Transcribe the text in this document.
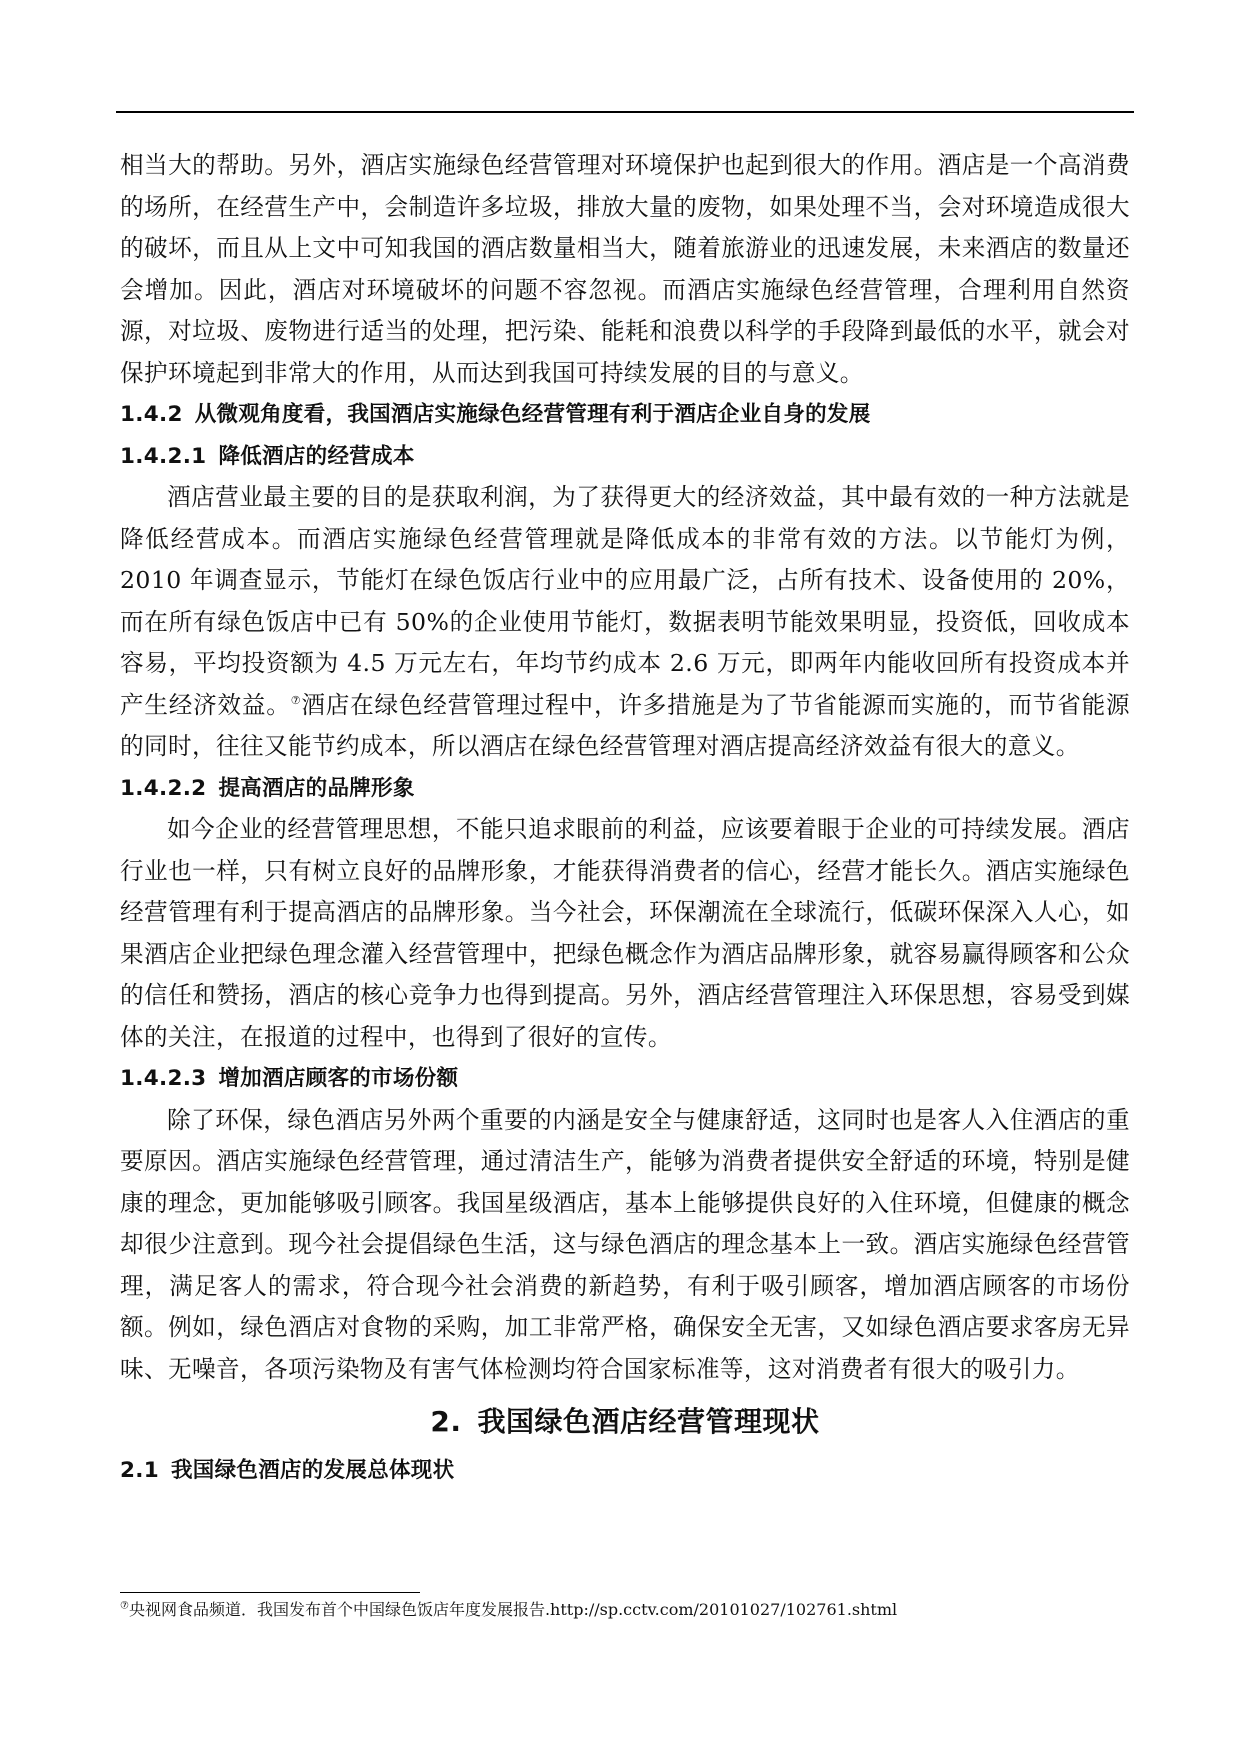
相当大的帮助。另外，酒店实施绿色经营管理对环境保护也起到很大的作用。酒店是一个高消费的场所，在经营生产中，会制造许多垃圾，排放大量的废物，如果处理不当，会对环境造成很大的破坏，而且从上文中可知我国的酒店数量相当大，随着旅游业的迅速发展，未来酒店的数量还会增加。因此，酒店对环境破坏的问题不容忽视。而酒店实施绿色经营管理，合理利用自然资源，对垃圾、废物进行适当的处理，把污染、能耗和浪费以科学的手段降到最低的水平，就会对保护环境起到非常大的作用，从而达到我国可持续发展的目的与意义。

1.4.2 从微观角度看，我国酒店实施绿色经营管理有利于酒店企业自身的发展
1.4.2.1 降低酒店的经营成本

酒店营业最主要的目的是获取利润，为了获得更大的经济效益，其中最有效的一种方法就是降低经营成本。而酒店实施绿色经营管理就是降低成本的非常有效的方法。以节能灯为例，2010 年调查显示，节能灯在绿色饭店行业中的应用最广泛，占所有技术、设备使用的 20%，而在所有绿色饭店中已有 50%的企业使用节能灯，数据表明节能效果明显，投资低，回收成本容易，平均投资额为 4.5 万元左右，年均节约成本 2.6 万元，即两年内能收回所有投资成本并产生经济效益。⑦酒店在绿色经营管理过程中，许多措施是为了节省能源而实施的，而节省能源的同时，往往又能节约成本，所以酒店在绿色经营管理对酒店提高经济效益有很大的意义。

1.4.2.2 提高酒店的品牌形象

如今企业的经营管理思想，不能只追求眼前的利益，应该要着眼于企业的可持续发展。酒店行业也一样，只有树立良好的品牌形象，才能获得消费者的信心，经营才能长久。酒店实施绿色经营管理有利于提高酒店的品牌形象。当今社会，环保潮流在全球流行，低碳环保深入人心，如果酒店企业把绿色理念灌入经营管理中，把绿色概念作为酒店品牌形象，就容易赢得顾客和公众的信任和赞扬，酒店的核心竞争力也得到提高。另外，酒店经营管理注入环保思想，容易受到媒体的关注，在报道的过程中，也得到了很好的宣传。

1.4.2.3 增加酒店顾客的市场份额

除了环保，绿色酒店另外两个重要的内涵是安全与健康舒适，这同时也是客人入住酒店的重要原因。酒店实施绿色经营管理，通过清洁生产，能够为消费者提供安全舒适的环境，特别是健康的理念，更加能够吸引顾客。我国星级酒店，基本上能够提供良好的入住环境，但健康的概念却很少注意到。现今社会提倡绿色生活，这与绿色酒店的理念基本上一致。酒店实施绿色经营管理，满足客人的需求，符合现今社会消费的新趋势，有利于吸引顾客，增加酒店顾客的市场份额。例如，绿色酒店对食物的采购，加工非常严格，确保安全无害，又如绿色酒店要求客房无异味、无噪音，各项污染物及有害气体检测均符合国家标准等，这对消费者有很大的吸引力。

2. 我国绿色酒店经营管理现状
2.1 我国绿色酒店的发展总体现状

⑦央视网食品频道．我国发布首个中国绿色饭店年度发展报告.http://sp.cctv.com/20101027/102761.shtml
